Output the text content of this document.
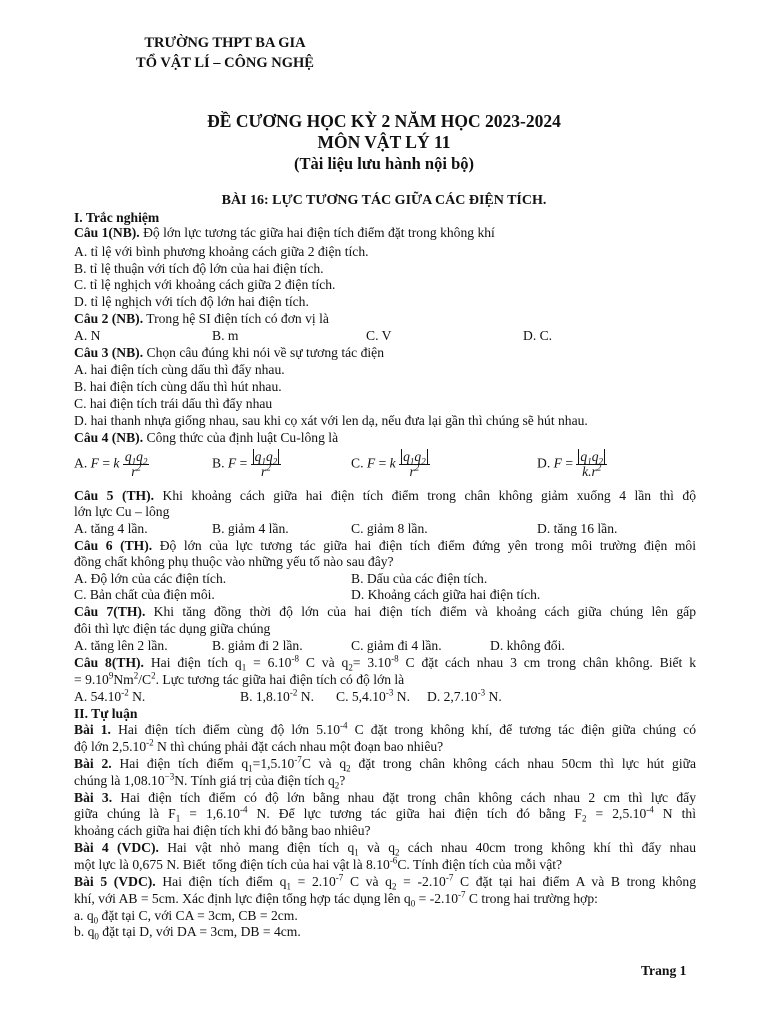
TRƯỜNG THPT BA GIA
TỔ VẬT LÍ – CÔNG NGHỆ
ĐỀ CƯƠNG HỌC KỲ 2 NĂM HỌC 2023-2024
MÔN VẬT LÝ 11
(Tài liệu lưu hành nội bộ)
BÀI 16: LỰC TƯƠNG TÁC GIỮA CÁC ĐIỆN TÍCH.
I. Trắc nghiệm
Câu 1(NB). Độ lớn lực tương tác giữa hai điện tích điểm đặt trong không khí
A. tỉ lệ với bình phương khoảng cách giữa 2 điện tích.
B. tỉ lệ thuận với tích độ lớn của hai điện tích.
C. tỉ lệ nghịch với khoảng cách giữa 2 điện tích.
D. tỉ lệ nghịch với tích độ lớn hai điện tích.
Câu 2 (NB). Trong hệ SI điện tích có đơn vị là
A. N	B. m	C. V	D. C.
Câu 3 (NB). Chọn câu đúng khi nói về sự tương tác điện
A. hai điện tích cùng dấu thì đẩy nhau.
B. hai điện tích cùng dấu thì hút nhau.
C. hai điện tích trái dấu thì đẩy nhau
D. hai thanh nhựa giống nhau, sau khi cọ xát với len dạ, nếu đưa lại gần thì chúng sẽ hút nhau.
Câu 4 (NB). Công thức của định luật Cu-lông là
A. F = k $\frac{q_1q_2}{r^2}$	B. $F = \frac{q_1q_2}{r^2}$	C. F = k $\frac{q_1q_2}{r^2}$	D. $F = \frac{q_1q_2}{k.r^2}$
Câu 5 (TH). Khi khoảng cách giữa hai điện tích điểm trong chân không giảm xuống 4 lần thì độ
lớn lực Cu – lông
A. tăng 4 lần.	B. giảm 4 lần.	C. giảm 8 lần.	D. tăng 16 lần.
Câu 6 (TH). Độ lớn của lực tương tác giữa hai điện tích điểm đứng yên trong môi trường điện môi
đồng chất không phụ thuộc vào những yếu tố nào sau đây?
A. Độ lớn của các điện tích.	B. Dấu của các điện tích.
C. Bản chất của điện môi.	D. Khoảng cách giữa hai điện tích.
Câu 7(TH). Khi tăng đồng thời độ lớn của hai điện tích điểm và khoảng cách giữa chúng lên gấp
đôi thì lực điện tác dụng giữa chúng
A. tăng lên 2 lần.	B. giảm đi 2 lần.	C. giảm đi 4 lần.	D. không đổi.
Câu 8(TH). Hai điện tích $q_1 = 6.10^{-8}$ C và $q_2= 3.10^{-8}$ C đặt cách nhau 3 cm trong chân không. Biết k
= $9.10^9Nm^2/C^2$. Lực tương tác giữa hai điện tích có độ lớn là
A. $54.10^{-2}$ N.	B. $1,8.10^{-2}$ N. C. $5,4.10^{-3}$ N. D. $2,7.10^{-3}$ N.
II. Tự luận
Bài 1. Hai điện tích điểm cùng độ lớn $5.10^{-4}$ C đặt trong không khí, để tương tác điện giữa chúng có
độ lớn $2,5.10^{-2}$ N thì chúng phải đặt cách nhau một đoạn bao nhiêu?
Bài 2. Hai điện tích điểm $q_1=1,5.10^{-7}C$ và $q_2$ đặt trong chân không cách nhau 50cm thì lực hút giữa
chúng là $1,08.10^{-3}N$. Tính giá trị của điện tích $q_2$?
Bài 3. Hai điện tích điểm có độ lớn bằng nhau đặt trong chân không cách nhau 2 cm thì lực đẩy
giữa chúng là $F_1 = 1,6.10^{-4}$ N. Để lực tương tác giữa hai điện tích đó bằng $F_2 = 2,5.10^{-4}$ N thì
khoảng cách giữa hai điện tích khi đó bằng bao nhiêu?
Bài 4 (VDC). Hai vật nhỏ mang điện tích $q_1$ và $q_2$ cách nhau 40cm trong không khí thì đẩy nhau
một lực là 0,675 N. Biết  tổng điện tích của hai vật là $8.10^{-6}C$. Tính điện tích của mỗi vật?
Bài 5 (VDC). Hai điện tích điểm $q_1 = 2.10^{-7}$ C và $q_2 = -2.10^{-7}$ C đặt tại hai điểm A và B trong không
khí, với AB = 5cm. Xác định lực điện tổng hợp tác dụng lên $q_0 = -2.10^{-7}$ C trong hai trường hợp:
a. $q_0$ đặt tại C, với CA = 3cm, CB = 2cm.
b. $q_0$ đặt tại D, với DA = 3cm, DB = 4cm.
Trang 1
